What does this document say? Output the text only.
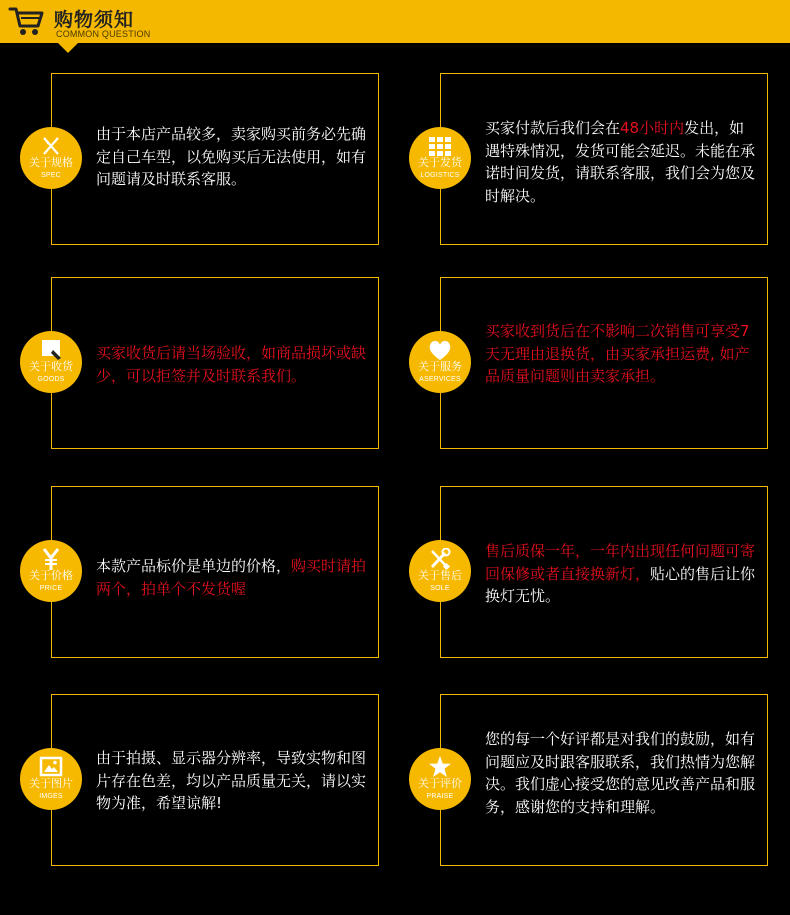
购物须知
COMMON QUESTION
关于规格
SPEC
由于本店产品较多，卖家购买前务必先确定自己车型，以免购买后无法使用，如有问题请及时联系客服。
关于发货
LOGISTICS
买家付款后我们会在48小时内发出，如遇特殊情况，发货可能会延迟。未能在承诺时间发货，请联系客服，我们会为您及时解决。
关于收货
GOODS
买家收货后请当场验收，如商品损坏或缺少，可以拒签并及时联系我们。	关于服务
ASERVICES
买家收到货后在不影响二次销售可享受7天无理由退换货，由买家承担运费, 如产品质量问题则由卖家承担。
关于价格
PRICE
本款产品标价是单边的价格，购买时请拍两个，拍单个不发货喔
关于售后
SOLE
售后质保一年，一年内出现任何问题可寄回保修或者直接换新灯，贴心的售后让你换灯无忧。
关于图片
IMGES
由于拍摄、显示器分辨率，导致实物和图片存在色差，均以产品质量无关，请以实物为准，希望谅解!
关于评价
PRAISE
您的每一个好评都是对我们的鼓励，如有问题应及时跟客服联系，我们热情为您解决。我们虚心接受您的意见改善产品和服务，感谢您的支持和理解。
